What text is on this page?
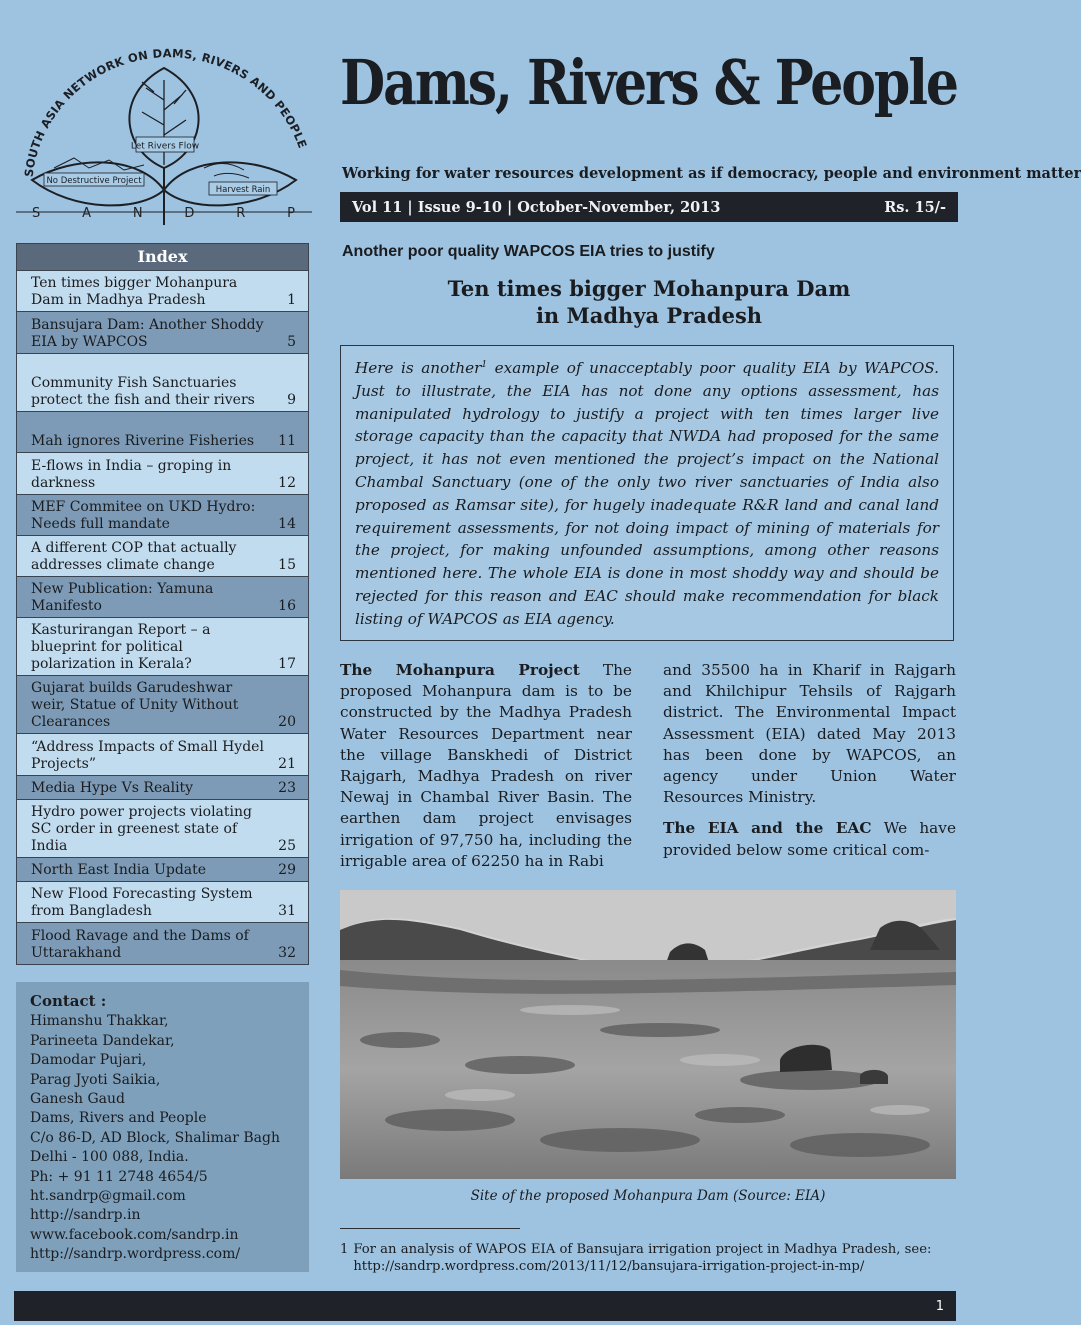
SOUTH ASIA NETWORK ON DAMS, RIVERS AND PEOPLE
Let Rivers Flow
No Destructive Project
Harvest Rain
S	A	N	D	R	P
Dams, Rivers & People
Working for water resources development as if democracy, people and environment matter
Vol 11 | Issue 9-10 | October-November, 2013	Rs. 15/-
Index
Ten times bigger Mohanpura Dam in Madhya Pradesh	1
Bansujara Dam: Another Shoddy EIA by WAPCOS	5
Community Fish Sanctuaries protect the fish and their rivers	9
Mah ignores Riverine Fisheries	11
E-flows in India – groping in darkness	12
MEF Commitee on UKD Hydro: Needs full mandate	14
A different COP that actually addresses climate change	15
New Publication: Yamuna Manifesto	16
Kasturirangan Report – a blueprint for political polarization in Kerala?	17
Gujarat builds Garudeshwar weir, Statue of Unity Without Clearances	20
“Address Impacts of Small Hydel Projects”	21
Media Hype Vs Reality	23
Hydro power projects violating SC order in greenest state of India	25
North East India Update	29
New Flood Forecasting System from Bangladesh	31
Flood Ravage and the Dams of Uttarakhand	32
Contact :
Himanshu Thakkar,
Parineeta Dandekar,
Damodar Pujari,
Parag Jyoti Saikia,
Ganesh Gaud
Dams, Rivers and People
C/o 86-D, AD Block, Shalimar Bagh
Delhi - 100 088, India.
Ph: + 91 11 2748 4654/5
ht.sandrp@gmail.com
http://sandrp.in
www.facebook.com/sandrp.in
http://sandrp.wordpress.com/
Another poor quality WAPCOS EIA tries to justify
Ten times bigger Mohanpura Dam
in Madhya Pradesh
Here is another$^1$ example of unacceptably poor quality EIA by WAPCOS. Just to illustrate, the EIA has not done any options assessment, has manipulated hydrology to justify a project with ten times larger live storage capacity than the capacity that NWDA had proposed for the same project, it has not even mentioned the project’s impact on the National Chambal Sanctuary (one of the only two river sanctuaries of India also proposed as Ramsar site), for hugely inadequate R&R land and canal land requirement assessments, for not doing impact of mining of materials for the project, for making unfounded assumptions, among other reasons mentioned here. The whole EIA is done in most shoddy way and should be rejected for this reason and EAC should make recommendation for black listing of WAPCOS as EIA agency.
The Mohanpura Project The proposed Mohanpura dam is to be constructed by the Madhya Pradesh Water Resources Department near the village Banskhedi of District Rajgarh, Madhya Pradesh on river Newaj in Chambal River Basin. The earthen dam project envisages irrigation of 97,750 ha, including the irrigable area of 62250 ha in Rabi
and 35500 ha in Kharif in Rajgarh and Khilchipur Tehsils of Rajgarh district. The Environmental Impact Assessment (EIA) dated May 2013 has been done by WAPCOS, an agency under Union Water Resources Ministry.
The EIA and the EAC We have provided below some critical com-
Site of the proposed Mohanpura Dam (Source: EIA)
1 For an analysis of WAPOS EIA of Bansujara irrigation project in Madhya Pradesh, see: http://sandrp.wordpress.com/2013/11/12/bansujara-irrigation-project-in-mp/
1
